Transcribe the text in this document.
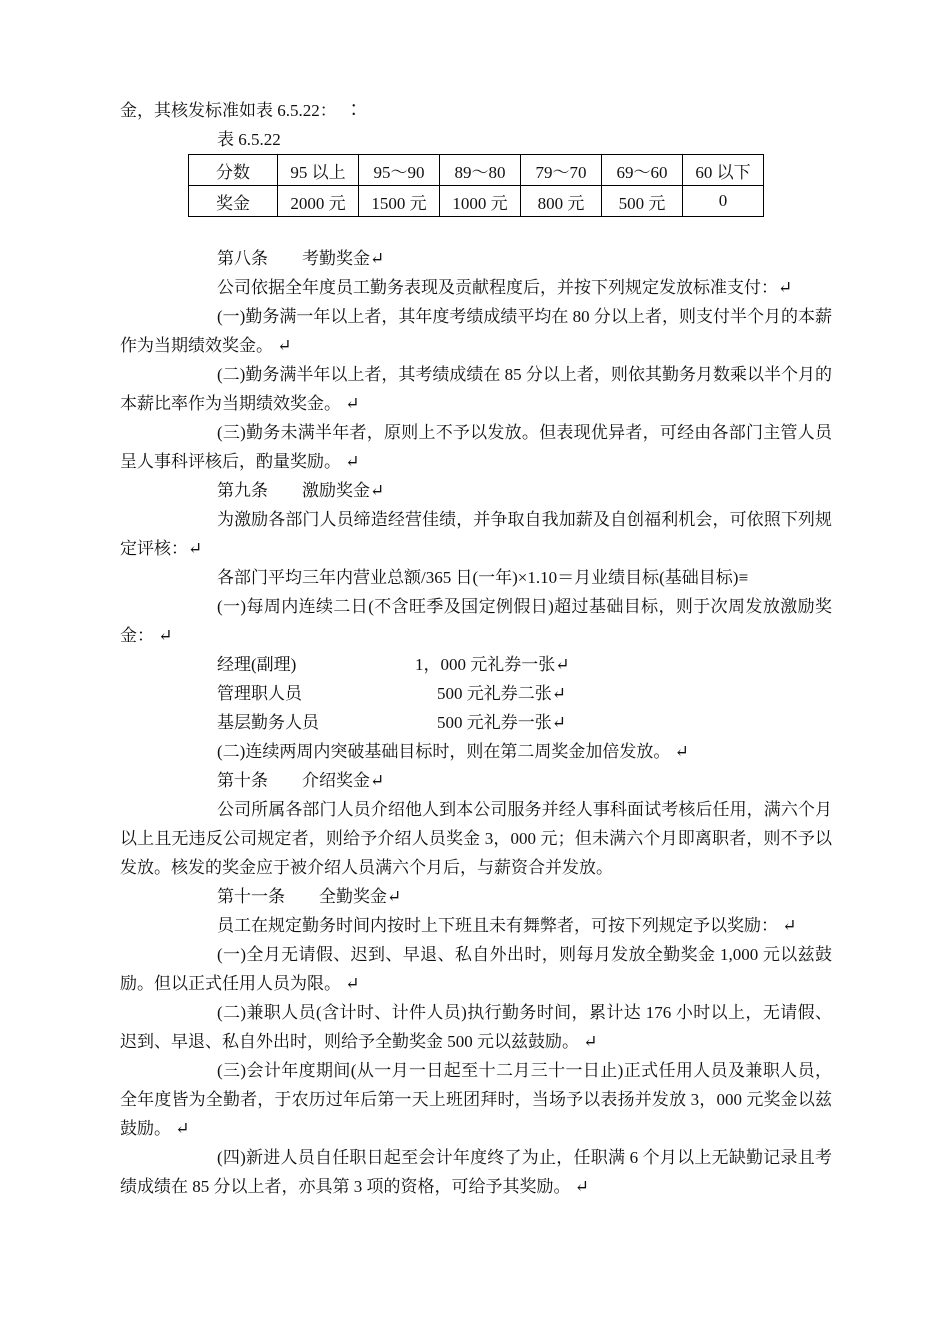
金，其核发标准如表 6.5.22：　∶

表 6.5.22

分数	95 以上	95～90	89～80	79～70	69～60	60 以下
奖金	2000 元	1500 元	1000 元	800 元	500 元	0

第八条　　考勤奖金↵

公司依据全年度员工勤务表现及贡献程度后，并按下列规定发放标准支付：↵

(一)勤务满一年以上者，其年度考绩成绩平均在 80 分以上者，则支付半个月的本薪作为当期绩效奖金。 ↵

(二)勤务满半年以上者，其考绩成绩在 85 分以上者，则依其勤务月数乘以半个月的本薪比率作为当期绩效奖金。 ↵

(三)勤务未满半年者，原则上不予以发放。但表现优异者，可经由各部门主管人员呈人事科评核后，酌量奖励。 ↵

第九条　　激励奖金↵

为激励各部门人员缔造经营佳绩，并争取自我加薪及自创福利机会，可依照下列规定评核：↵

各部门平均三年内营业总额/365 日(一年)×1.10＝月业绩目标(基础目标)≡

(一)每周内连续二日(不含旺季及国定例假日)超过基础目标，则于次周发放激励奖金： ↵

经理(副理)	1，000 元礼券一张↵

管理职人员	500 元礼券二张↵

基层勤务人员	500 元礼券一张↵

(二)连续两周内突破基础目标时，则在第二周奖金加倍发放。 ↵

第十条　　介绍奖金↵

公司所属各部门人员介绍他人到本公司服务并经人事科面试考核后任用，满六个月以上且无违反公司规定者，则给予介绍人员奖金 3，000 元；但未满六个月即离职者，则不予以发放。核发的奖金应于被介绍人员满六个月后，与薪资合并发放。

第十一条　　全勤奖金↵

员工在规定勤务时间内按时上下班且未有舞弊者，可按下列规定予以奖励： ↵

(一)全月无请假、迟到、早退、私自外出时，则每月发放全勤奖金 1,000 元以兹鼓励。但以正式任用人员为限。 ↵

(二)兼职人员(含计时、计件人员)执行勤务时间，累计达 176 小时以上，无请假、迟到、早退、私自外出时，则给予全勤奖金 500 元以兹鼓励。 ↵

(三)会计年度期间(从一月一日起至十二月三十一日止)正式任用人员及兼职人员，全年度皆为全勤者，于农历过年后第一天上班团拜时，当场予以表扬并发放 3，000 元奖金以兹鼓励。 ↵

(四)新进人员自任职日起至会计年度终了为止，任职满 6 个月以上无缺勤记录且考绩成绩在 85 分以上者，亦具第 3 项的资格，可给予其奖励。 ↵
